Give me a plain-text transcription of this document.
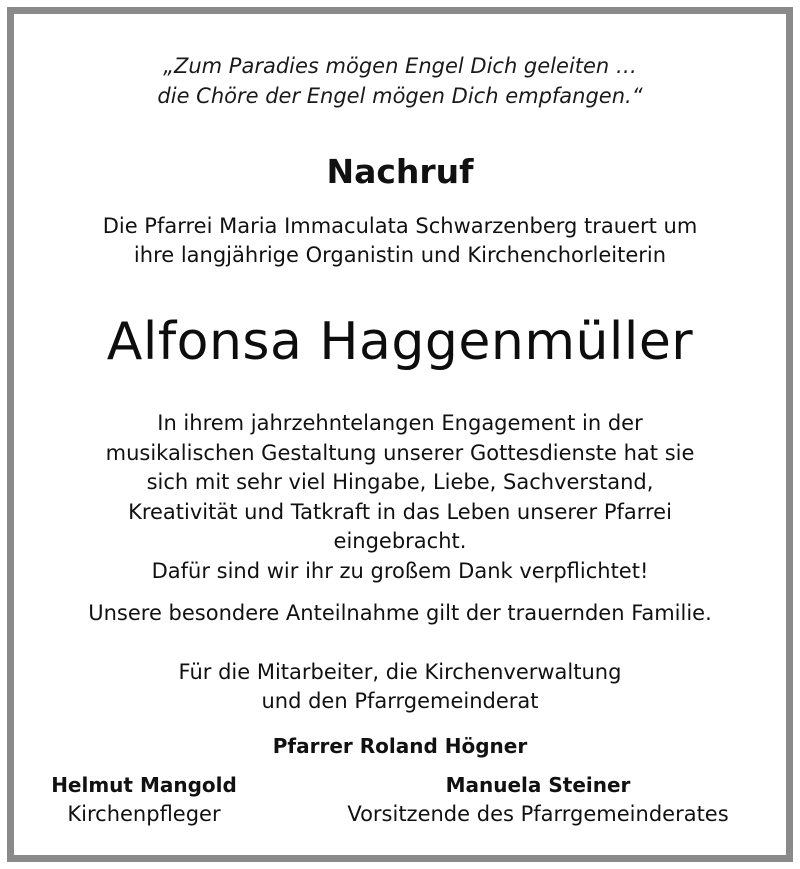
„Zum Paradies mögen Engel Dich geleiten …
die Chöre der Engel mögen Dich empfangen.“
Nachruf
Die Pfarrei Maria Immaculata Schwarzenberg trauert um
ihre langjährige Organistin und Kirchenchorleiterin
Alfonsa Haggenmüller
In ihrem jahrzehntelangen Engagement in der
musikalischen Gestaltung unserer Gottesdienste hat sie
sich mit sehr viel Hingabe, Liebe, Sachverstand,
Kreativität und Tatkraft in das Leben unserer Pfarrei
eingebracht.
Dafür sind wir ihr zu großem Dank verpflichtet!
Unsere besondere Anteilnahme gilt der trauernden Familie.
Für die Mitarbeiter, die Kirchenverwaltung
und den Pfarrgemeinderat
Pfarrer Roland Högner
Helmut Mangold
Kirchenpfleger
Manuela Steiner
Vorsitzende des Pfarrgemeinderates
